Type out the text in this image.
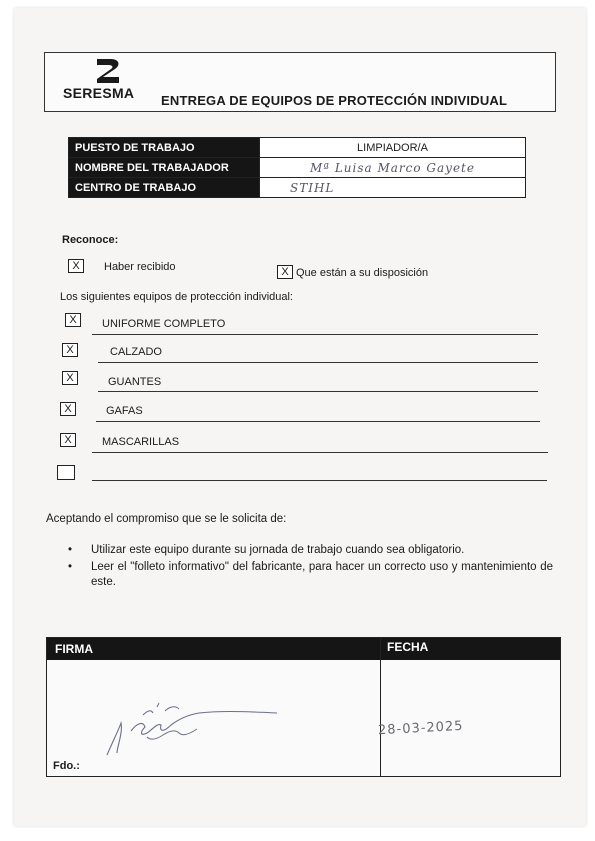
SERESMA ENTREGA DE EQUIPOS DE PROTECCIÓN INDIVIDUAL
PUESTO DE TRABAJO	LIMPIADOR/A
NOMBRE DEL TRABAJADOR	Mª Luisa Marco Gayete
CENTRO DE TRABAJO	STIHL
Reconoce:
X	Haber recibido	X Que están a su disposición
Los siguientes equipos de protección individual:
X	UNIFORME COMPLETO
X	CALZADO
X	GUANTES
X	GAFAS
X	MASCARILLAS
Aceptando el compromiso que se le solicita de:
• Utilizar este equipo durante su jornada de trabajo cuando sea obligatorio.
• Leer el "folleto informativo" del fabricante, para hacer un correcto uso y mantenimiento de este.
FIRMA	FECHA
Fdo.:
28-03-2025
